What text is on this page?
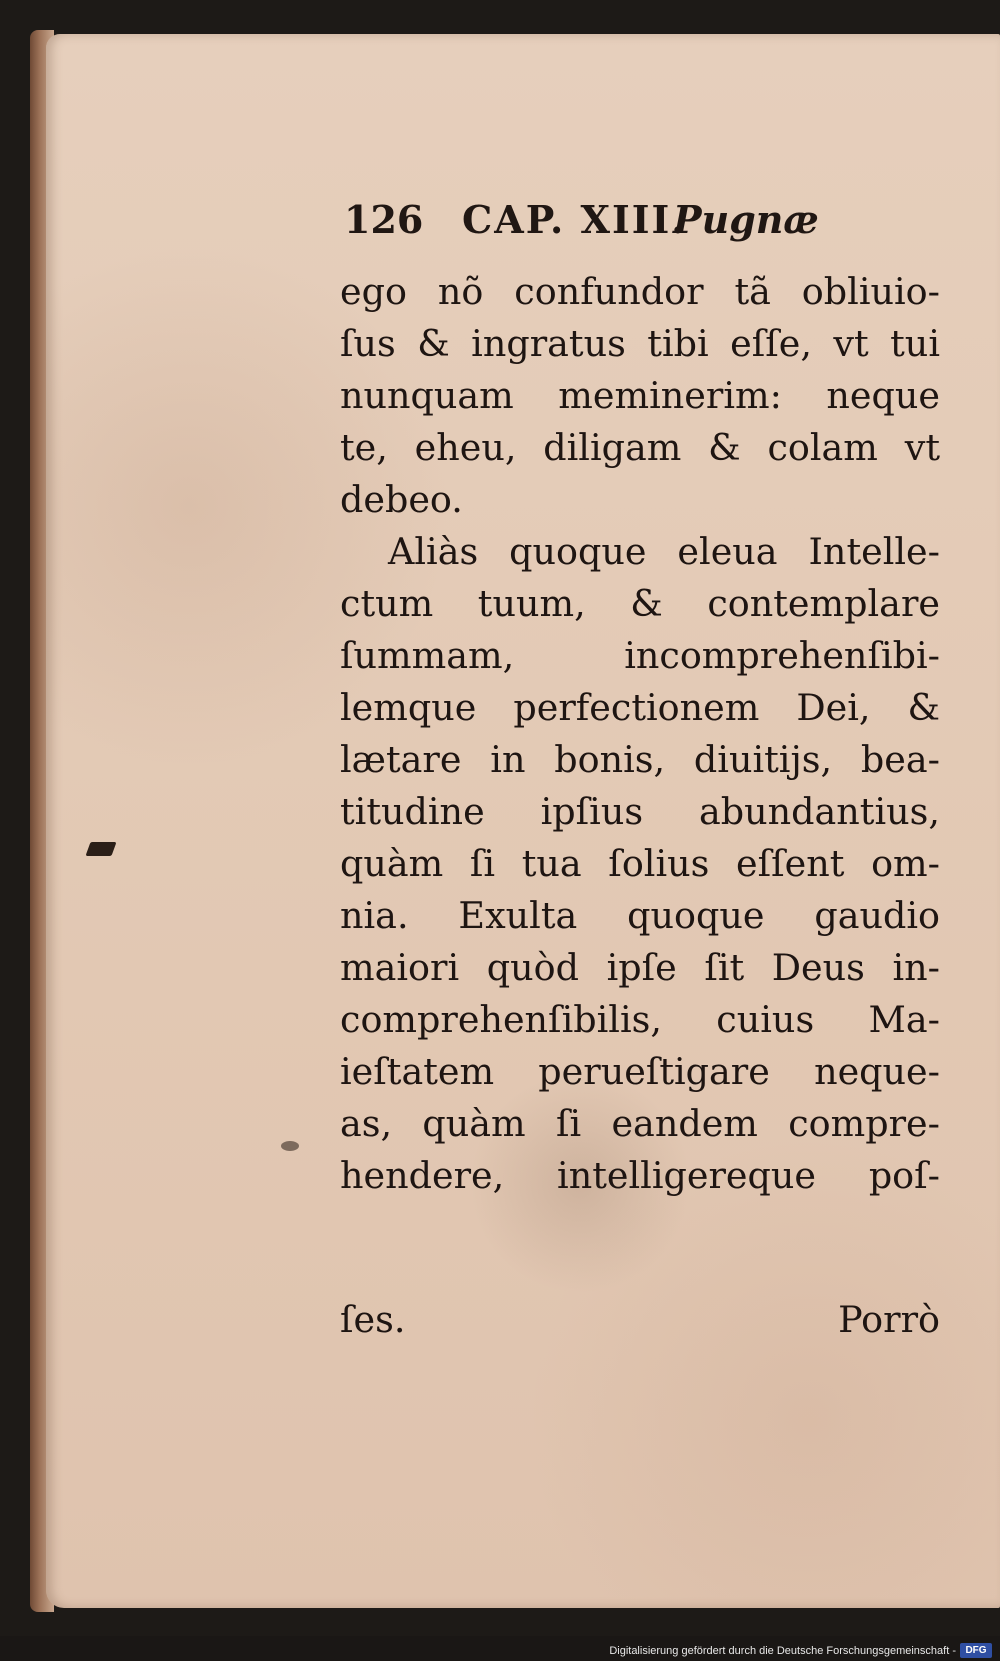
126 CAP. XIII.
Pugnæ
ego nõ confundor tã obliuio-
ſus & ingratus tibi eſſe, vt tui
nunquam meminerim: neque
te, eheu, diligam & colam vt
debeo.
Aliàs quoque eleua Intelle-
ctum tuum, & contemplare
ſummam, incomprehenſibi-
lemque perfectionem Dei, &
lætare in bonis, diuitijs, bea-
titudine ipſius abundantius,
quàm ſi tua ſolius eſſent om-
nia. Exulta quoque gaudio
maiori quòd ipſe ſit Deus in-
comprehenſibilis, cuius Ma-
ieſtatem perueſtigare neque-
as, quàm ſi eandem compre-
hendere, intelligereque poſ-
ſes.	Porrò
Digitalisierung gefördert durch die Deutsche Forschungsgemeinschaft - DFG
